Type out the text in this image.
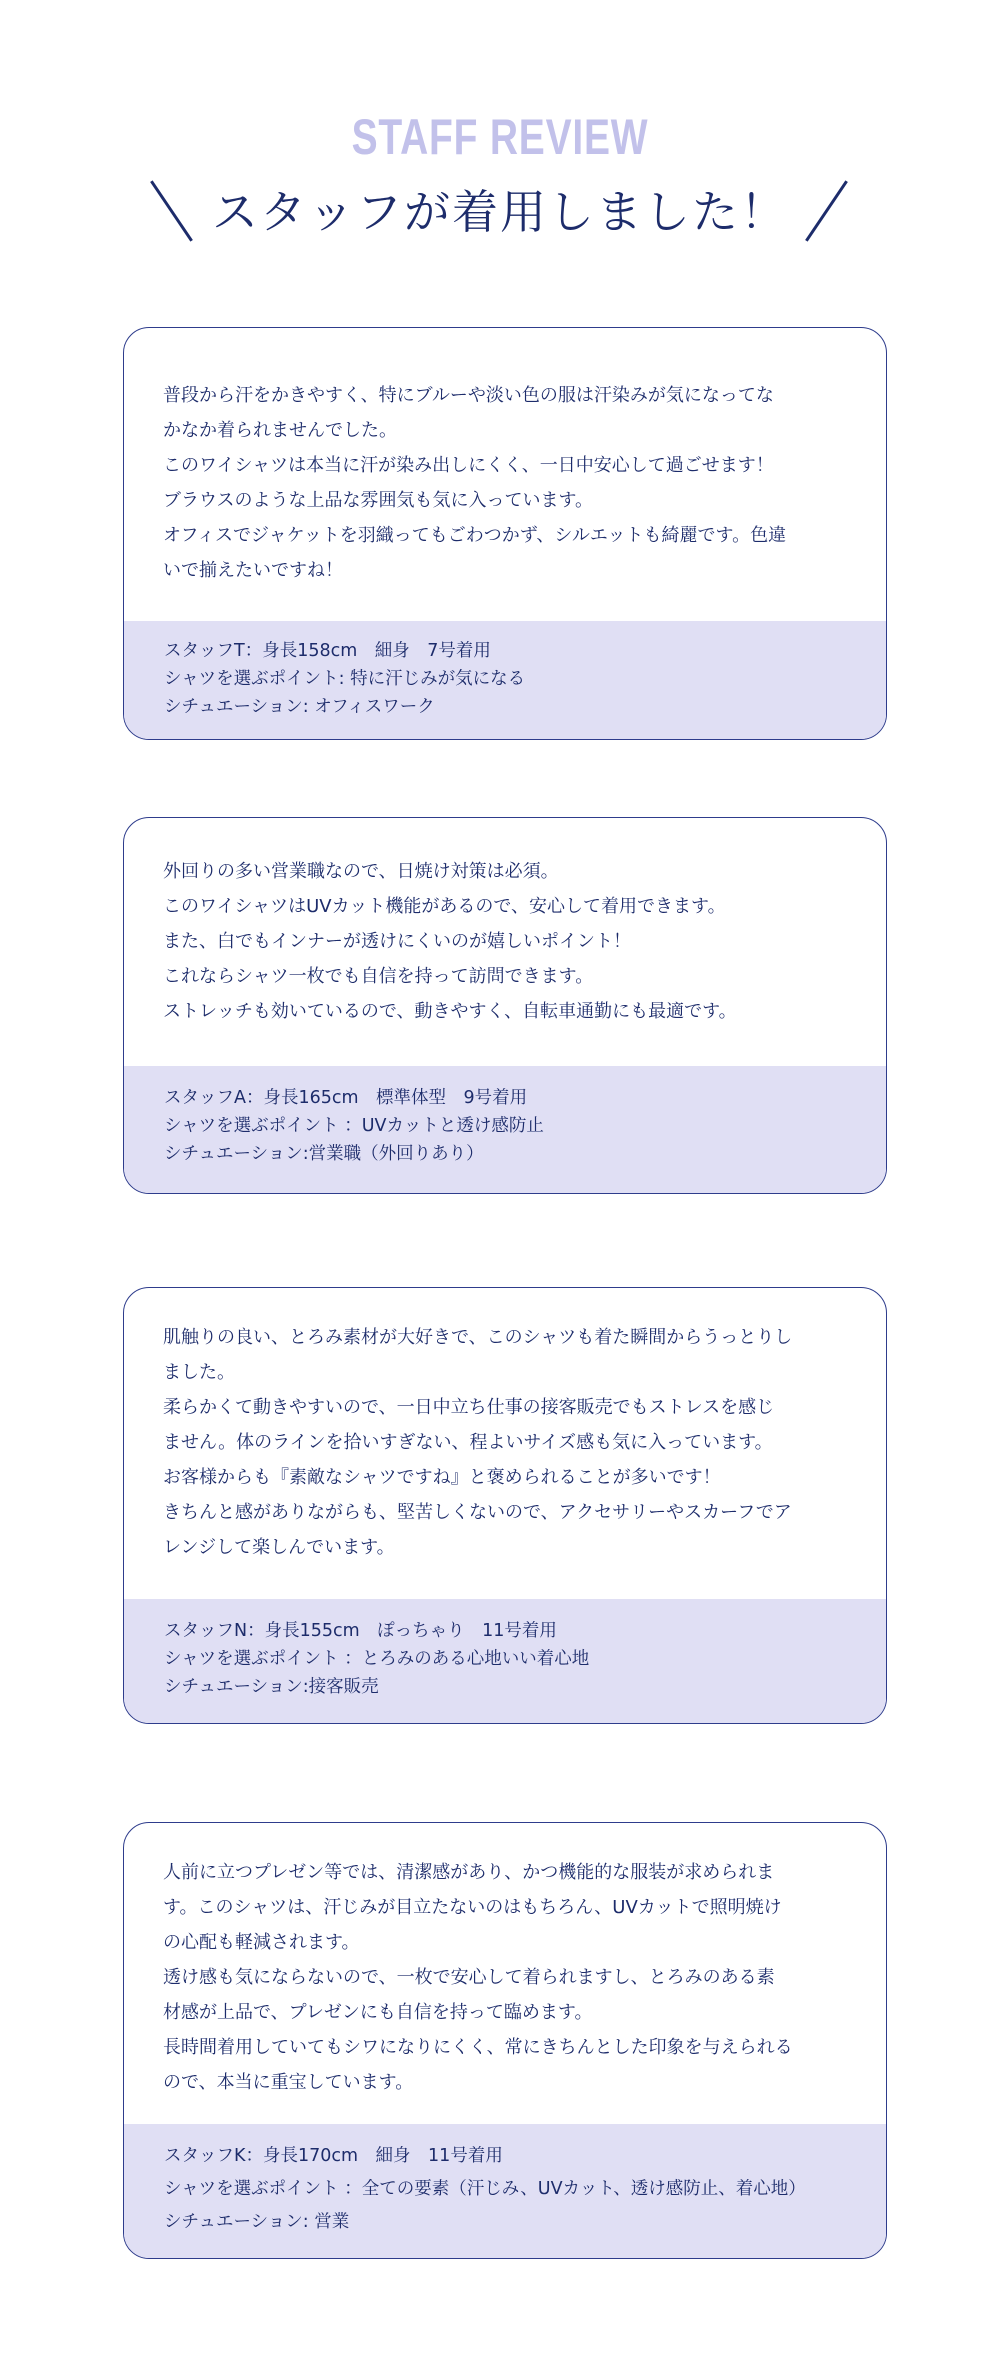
STAFF REVIEW
スタッフが着用しました！

普段から汗をかきやすく、特にブルーや淡い色の服は汗染みが気になってな

かなか着られませんでした。

このワイシャツは本当に汗が染み出しにくく、一日中安心して過ごせます！

ブラウスのような上品な雰囲気も気に入っています。

オフィスでジャケットを羽織ってもごわつかず、シルエットも綺麗です。色違

いで揃えたいですね！

スタッフT：身長158cm　細身　7号着用
シャツを選ぶポイント: 特に汗じみが気になる
シチュエーション: オフィスワーク

外回りの多い営業職なので、日焼け対策は必須。

このワイシャツはUVカット機能があるので、安心して着用できます。

また、白でもインナーが透けにくいのが嬉しいポイント！

これならシャツ一枚でも自信を持って訪問できます。

ストレッチも効いているので、動きやすく、自転車通勤にも最適です。

スタッフA：身長165cm　標準体型　9号着用
シャツを選ぶポイント ：UVカットと透け感防止
シチュエーション:営業職（外回りあり）

肌触りの良い、とろみ素材が大好きで、このシャツも着た瞬間からうっとりし

ました。

柔らかくて動きやすいので、一日中立ち仕事の接客販売でもストレスを感じ

ません。体のラインを拾いすぎない、程よいサイズ感も気に入っています。

お客様からも『素敵なシャツですね』と褒められることが多いです！

きちんと感がありながらも、堅苦しくないので、アクセサリーやスカーフでア

レンジして楽しんでいます。

スタッフN：身長155cm　ぽっちゃり　11号着用
シャツを選ぶポイント ：とろみのある心地いい着心地
シチュエーション:接客販売

人前に立つプレゼン等では、清潔感があり、かつ機能的な服装が求められま

す。このシャツは、汗じみが目立たないのはもちろん、UVカットで照明焼け

の心配も軽減されます。

透け感も気にならないので、一枚で安心して着られますし、とろみのある素

材感が上品で、プレゼンにも自信を持って臨めます。

長時間着用していてもシワになりにくく、常にきちんとした印象を与えられる

ので、本当に重宝しています。

スタッフK：身長170cm　細身　11号着用
シャツを選ぶポイント ：全ての要素（汗じみ、UVカット、透け感防止、着心地）
シチュエーション: 営業
